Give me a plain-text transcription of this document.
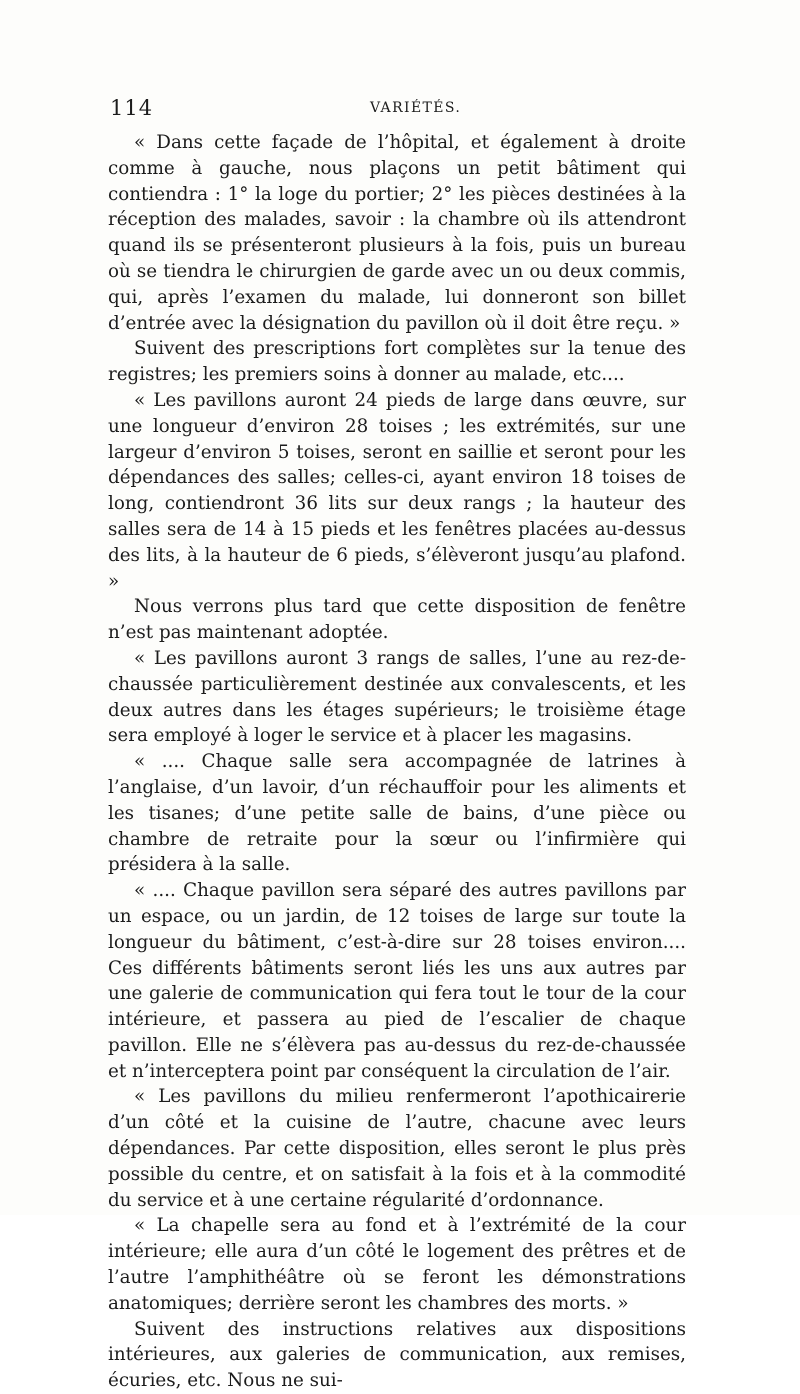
114	VARIÉTÉS.

« Dans cette façade de l’hôpital, et également à droite comme à gauche, nous plaçons un petit bâtiment qui contiendra : 1° la loge du portier; 2° les pièces destinées à la réception des malades, savoir : la chambre où ils attendront quand ils se présenteront plusieurs à la fois, puis un bureau où se tiendra le chirurgien de garde avec un ou deux commis, qui, après l’examen du malade, lui donneront son billet d’entrée avec la désignation du pavillon où il doit être reçu. »

Suivent des prescriptions fort complètes sur la tenue des registres; les premiers soins à donner au malade, etc....

« Les pavillons auront 24 pieds de large dans œuvre, sur une longueur d’environ 28 toises ; les extrémités, sur une largeur d’environ 5 toises, seront en saillie et seront pour les dépendances des salles; celles-ci, ayant environ 18 toises de long, contiendront 36 lits sur deux rangs ; la hauteur des salles sera de 14 à 15 pieds et les fenêtres placées au-dessus des lits, à la hauteur de 6 pieds, s’élèveront jusqu’au plafond. »

Nous verrons plus tard que cette disposition de fenêtre n’est pas maintenant adoptée.

« Les pavillons auront 3 rangs de salles, l’une au rez-de-chaussée particulièrement destinée aux convalescents, et les deux autres dans les étages supérieurs; le troisième étage sera employé à loger le service et à placer les magasins.

« .... Chaque salle sera accompagnée de latrines à l’anglaise, d’un lavoir, d’un réchauffoir pour les aliments et les tisanes; d’une petite salle de bains, d’une pièce ou chambre de retraite pour la sœur ou l’infirmière qui présidera à la salle.

« .... Chaque pavillon sera séparé des autres pavillons par un espace, ou un jardin, de 12 toises de large sur toute la longueur du bâtiment, c’est-à-dire sur 28 toises environ.... Ces différents bâtiments seront liés les uns aux autres par une galerie de communication qui fera tout le tour de la cour intérieure, et passera au pied de l’escalier de chaque pavillon. Elle ne s’élèvera pas au-dessus du rez-de-chaussée et n’interceptera point par conséquent la circulation de l’air.

« Les pavillons du milieu renfermeront l’apothicairerie d’un côté et la cuisine de l’autre, chacune avec leurs dépendances. Par cette disposition, elles seront le plus près possible du centre, et on satisfait à la fois et à la commodité du service et à une certaine régularité d’ordonnance.

« La chapelle sera au fond et à l’extrémité de la cour intérieure; elle aura d’un côté le logement des prêtres et de l’autre l’amphithéâtre où se feront les démonstrations anatomiques; derrière seront les chambres des morts. »

Suivent des instructions relatives aux dispositions intérieures, aux galeries de communication, aux remises, écuries, etc. Nous ne sui-
